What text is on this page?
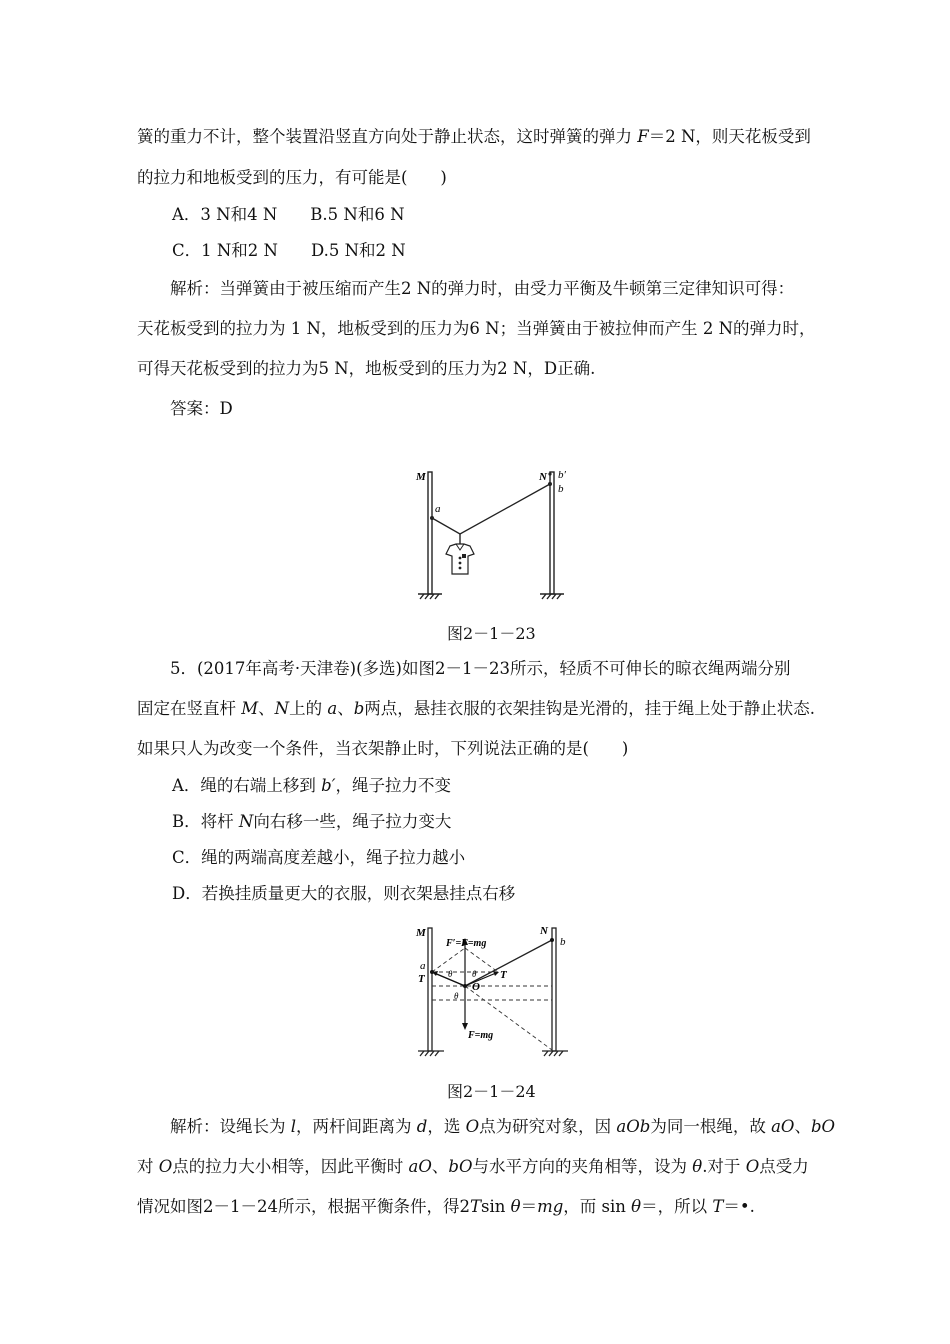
簧的重力不计，整个装置沿竖直方向处于静止状态，这时弹簧的弹力 F＝2 N，则天花板受到
的拉力和地板受到的压力，有可能是(　　)
A．3 N和4 N　　B.5 N和6 N
C．1 N和2 N　　D.5 N和2 N
解析：当弹簧由于被压缩而产生2 N的弹力时，由受力平衡及牛顿第三定律知识可得：
天花板受到的拉力为 1 N，地板受到的压力为6 N；当弹簧由于被拉伸而产生 2 N的弹力时，
可得天花板受到的拉力为5 N，地板受到的压力为2 N，D正确.
答案：D
M	N b′
b
a
图2－1－23
5．(2017年高考·天津卷)(多选)如图2－1－23所示，轻质不可伸长的晾衣绳两端分别
固定在竖直杆 M、N上的 a、b两点，悬挂衣服的衣架挂钩是光滑的，挂于绳上处于静止状态.
如果只人为改变一个条件，当衣架静止时，下列说法正确的是(　　)
A．绳的右端上移到 b′，绳子拉力不变
B．将杆 N向右移一些，绳子拉力变大
C．绳的两端高度差越小，绳子拉力越小
D．若换挂质量更大的衣服，则衣架悬挂点右移
M	N
b
a
T	T
O
F′=F=mg
F=mg
θ θ
θ
图2－1－24
解析：设绳长为 l，两杆间距离为 d，选 O点为研究对象，因 aOb为同一根绳，故 aO、bO
对 O点的拉力大小相等，因此平衡时 aO、bO与水平方向的夹角相等，设为 θ.对于 O点受力
情况如图2－1－24所示，根据平衡条件，得2Tsin θ＝mg，而 sin θ＝，所以 T＝•.
